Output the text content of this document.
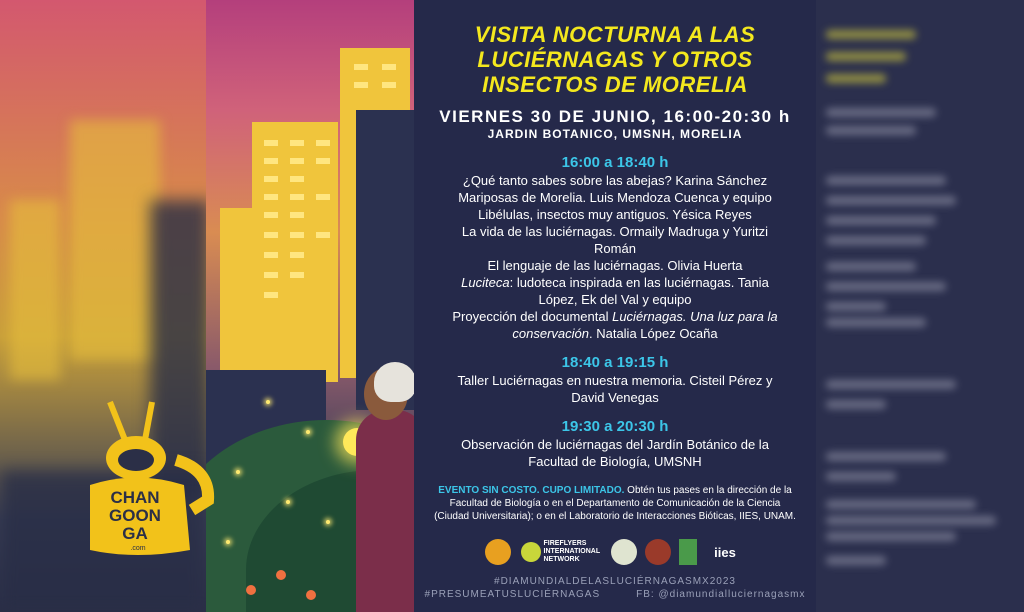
CHAN
GOON
GA
.com
VISITA NOCTURNA A LAS
LUCIÉRNAGAS Y OTROS
INSECTOS DE MORELIA
VIERNES 30 DE JUNIO, 16:00-20:30 h
JARDIN BOTANICO, UMSNH, MORELIA
16:00 a 18:40 h
¿Qué tanto sabes sobre las abejas? Karina Sánchez
Mariposas de Morelia. Luis Mendoza Cuenca y equipo
Libélulas, insectos muy antiguos. Yésica Reyes
La vida de las luciérnagas. Ormaily Madruga y Yuritzi
Román
El lenguaje de las luciérnagas. Olivia Huerta
Luciteca: ludoteca inspirada en las luciérnagas. Tania
López, Ek del Val y equipo
Proyección del documental Luciérnagas. Una luz para la
conservación. Natalia López Ocaña
18:40 a 19:15 h
Taller Luciérnagas en nuestra memoria. Cisteil Pérez y
David Venegas
19:30 a 20:30 h
Observación de luciérnagas del Jardín Botánico de la
Facultad de Biología, UMSNH
EVENTO SIN COSTO. CUPO LIMITADO. Obtén tus pases en la dirección de la
Facultad de Biología o en el Departamento de Comunicación de la Ciencia
(Ciudad Universitaria); o en el Laboratorio de Interacciones Bióticas, IIES, UNAM.
FIREFLYERS INTERNATIONAL NETWORK	iies
#DIAMUNDIALDELASLUCIÉRNAGASMX2023
#PRESUMEATUSLUCIÉRNAGAS	FB: @diamundialluciernagasmx
